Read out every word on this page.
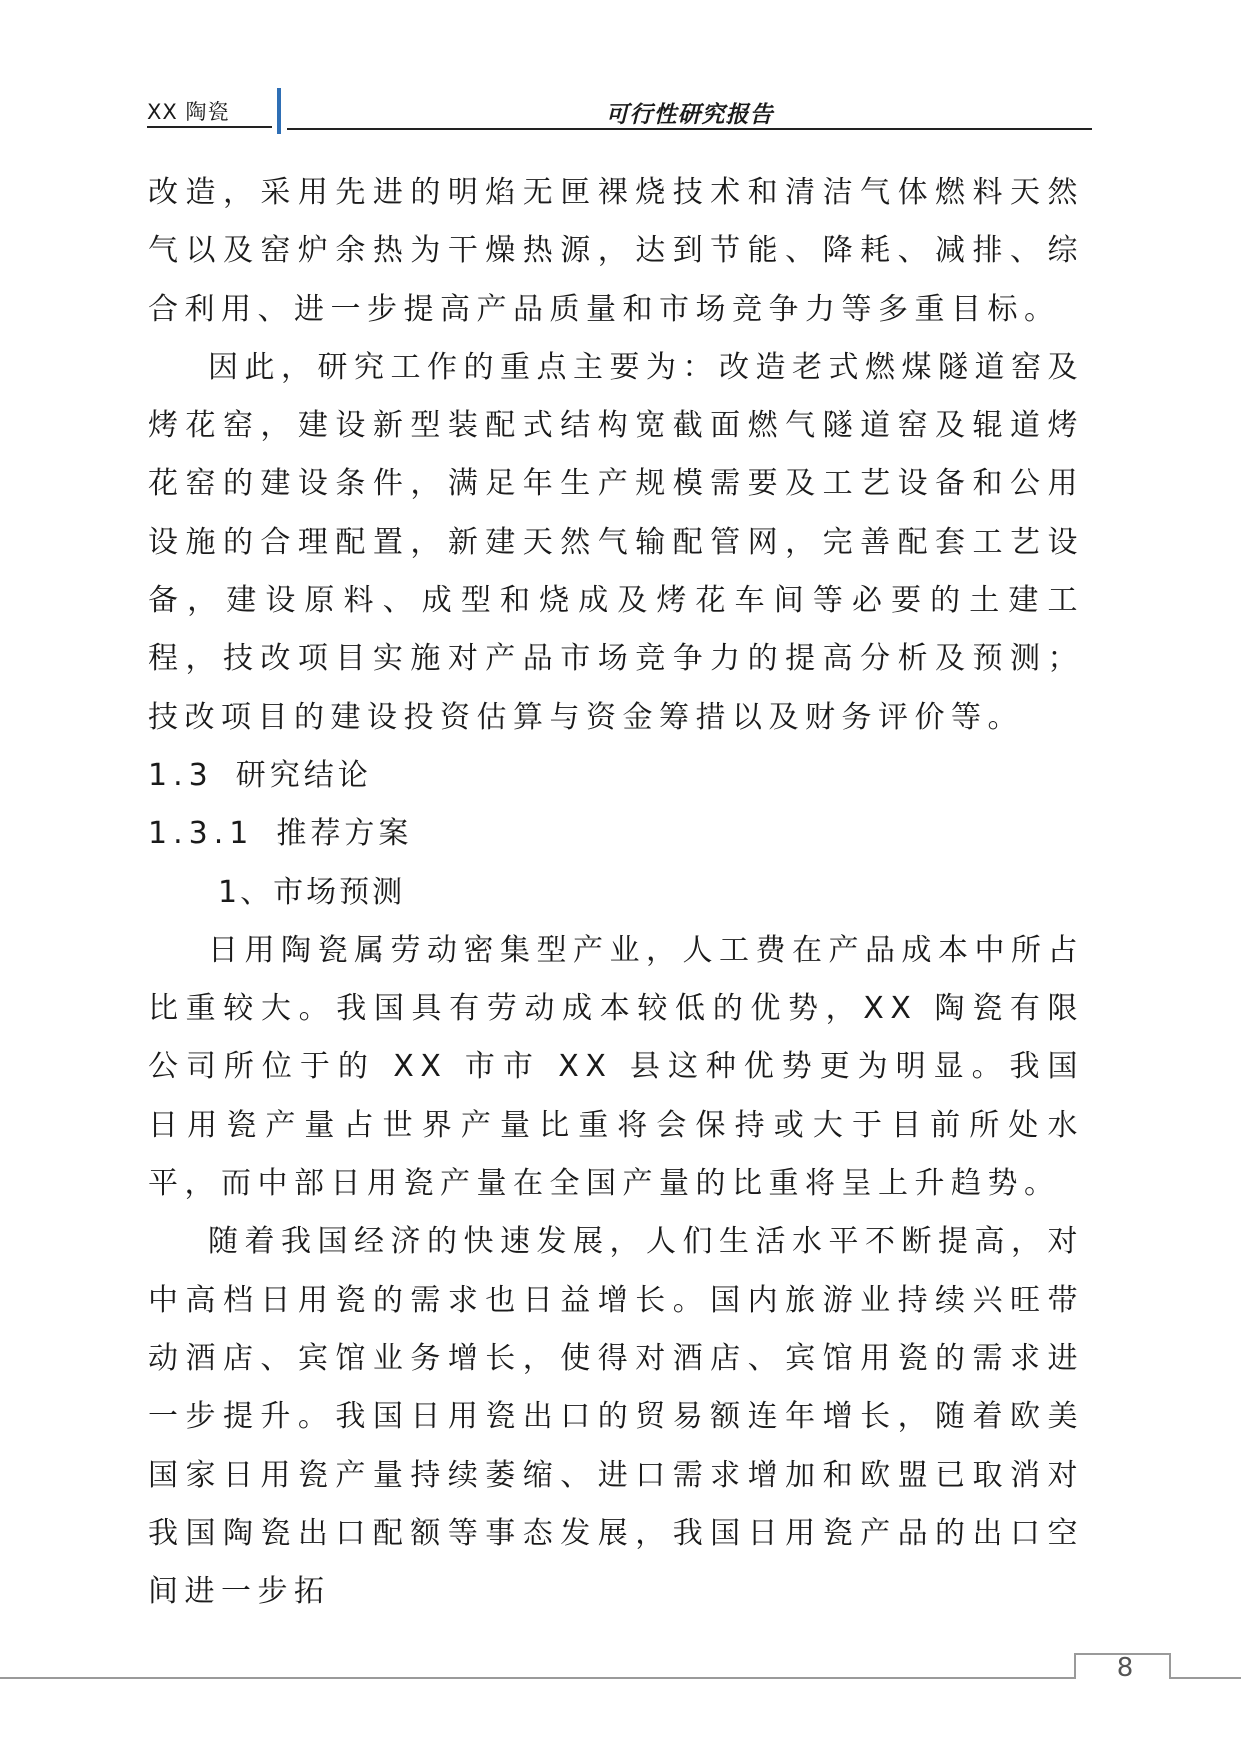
XX 陶瓷	可行性研究报告

改造，采用先进的明焰无匣裸烧技术和清洁气体燃料天然气以及窑炉余热为干燥热源，达到节能、降耗、减排、综合利用、进一步提高产品质量和市场竞争力等多重目标。

因此，研究工作的重点主要为：改造老式燃煤隧道窑及烤花窑，建设新型装配式结构宽截面燃气隧道窑及辊道烤花窑的建设条件，满足年生产规模需要及工艺设备和公用设施的合理配置，新建天然气输配管网，完善配套工艺设备，建设原料、成型和烧成及烤花车间等必要的土建工程，技改项目实施对产品市场竞争力的提高分析及预测；技改项目的建设投资估算与资金筹措以及财务评价等。

1.3 研究结论

1.3.1 推荐方案

1、市场预测

日用陶瓷属劳动密集型产业，人工费在产品成本中所占比重较大。我国具有劳动成本较低的优势，XX 陶瓷有限公司所位于的 XX 市市 XX 县这种优势更为明显。我国日用瓷产量占世界产量比重将会保持或大于目前所处水平，而中部日用瓷产量在全国产量的比重将呈上升趋势。

随着我国经济的快速发展，人们生活水平不断提高，对中高档日用瓷的需求也日益增长。国内旅游业持续兴旺带动酒店、宾馆业务增长，使得对酒店、宾馆用瓷的需求进一步提升。我国日用瓷出口的贸易额连年增长，随着欧美国家日用瓷产量持续萎缩、进口需求增加和欧盟已取消对我国陶瓷出口配额等事态发展，我国日用瓷产品的出口空间进一步拓

8
